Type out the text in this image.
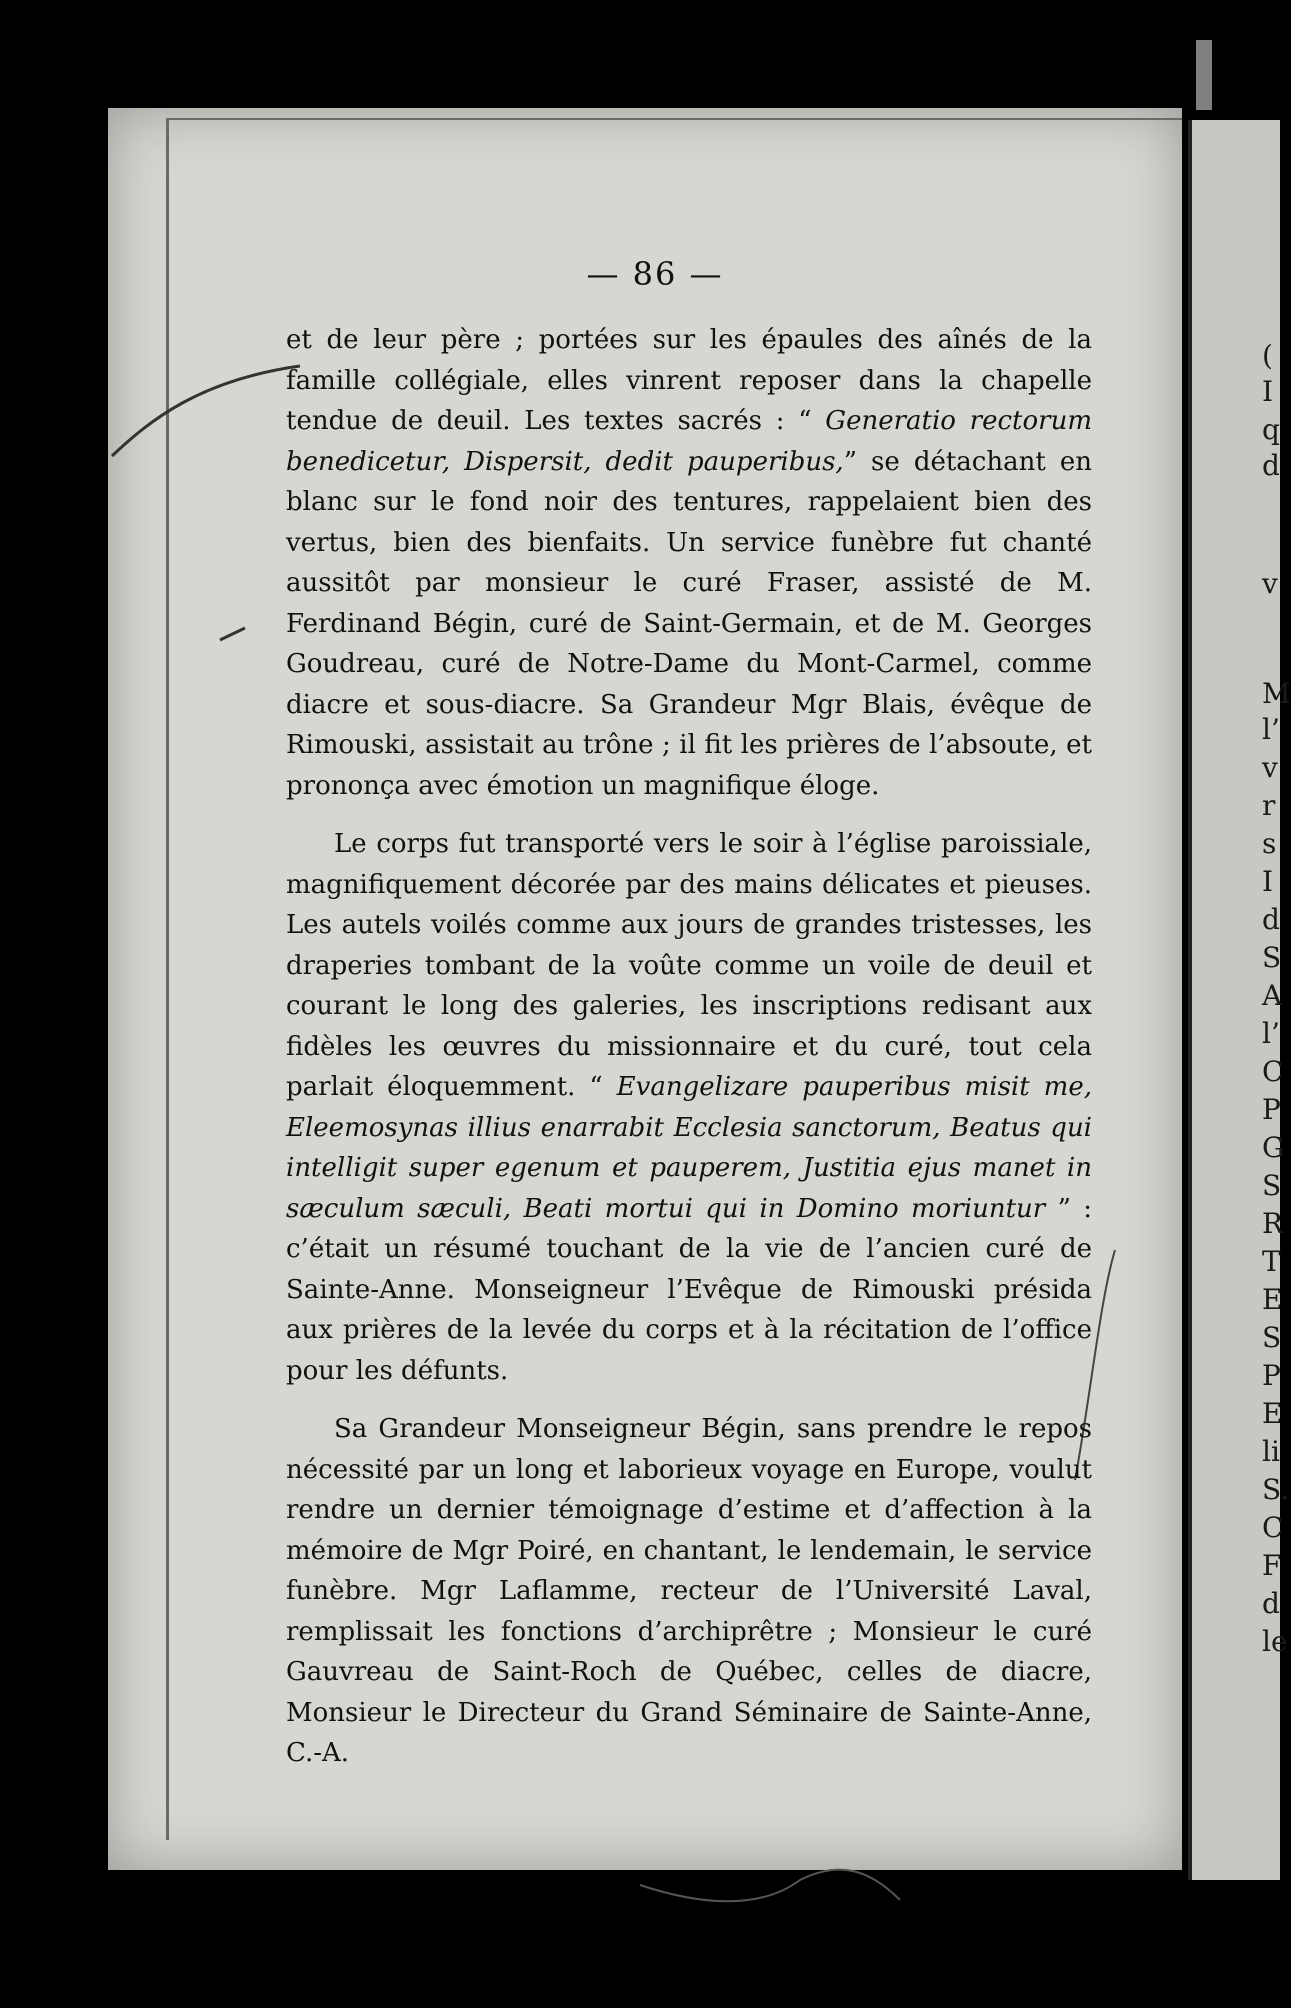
(
I
q
d
v
M
l’
v
r
s
I
d
S
A
l’
C
P
G
S
R
T
E
S
P
E
li
S.
C
F
d
le
— 86 —

et de leur père ; portées sur les épaules des aînés de la famille collégiale, elles vinrent reposer dans la chapelle tendue de deuil. Les textes sacrés : “ Generatio rectorum benedicetur, Dispersit, dedit pauperibus,” se détachant en blanc sur le fond noir des tentures, rappelaient bien des vertus, bien des bienfaits. Un service funèbre fut chanté aussitôt par monsieur le curé Fraser, assisté de M. Ferdinand Bégin, curé de Saint-Germain, et de M. Georges Goudreau, curé de Notre-Dame du Mont-Carmel, comme diacre et sous-diacre. Sa Grandeur Mgr Blais, évêque de Rimouski, assistait au trône ; il fit les prières de l’absoute, et prononça avec émotion un magnifique éloge.

Le corps fut transporté vers le soir à l’église paroissiale, magnifiquement décorée par des mains délicates et pieuses. Les autels voilés comme aux jours de grandes tristesses, les draperies tombant de la voûte comme un voile de deuil et courant le long des galeries, les inscriptions redisant aux fidèles les œuvres du missionnaire et du curé, tout cela parlait éloquemment. “ Evangelizare pauperibus misit me, Eleemosynas illius enarrabit Ecclesia sanctorum, Beatus qui intelligit super egenum et pauperem, Justitia ejus manet in sæculum sæculi, Beati mortui qui in Domino moriuntur ” : c’était un résumé touchant de la vie de l’ancien curé de Sainte-Anne. Monseigneur l’Evêque de Rimouski présida aux prières de la levée du corps et à la récitation de l’office pour les défunts.

Sa Grandeur Monseigneur Bégin, sans prendre le repos nécessité par un long et laborieux voyage en Europe, voulut rendre un dernier témoignage d’estime et d’affection à la mémoire de Mgr Poiré, en chantant, le lendemain, le service funèbre. Mgr Laflamme, recteur de l’Université Laval, remplissait les fonctions d’archiprêtre ; Monsieur le curé Gauvreau de Saint-Roch de Québec, celles de diacre, Monsieur le Directeur du Grand Séminaire de Sainte-Anne, C.-A.
